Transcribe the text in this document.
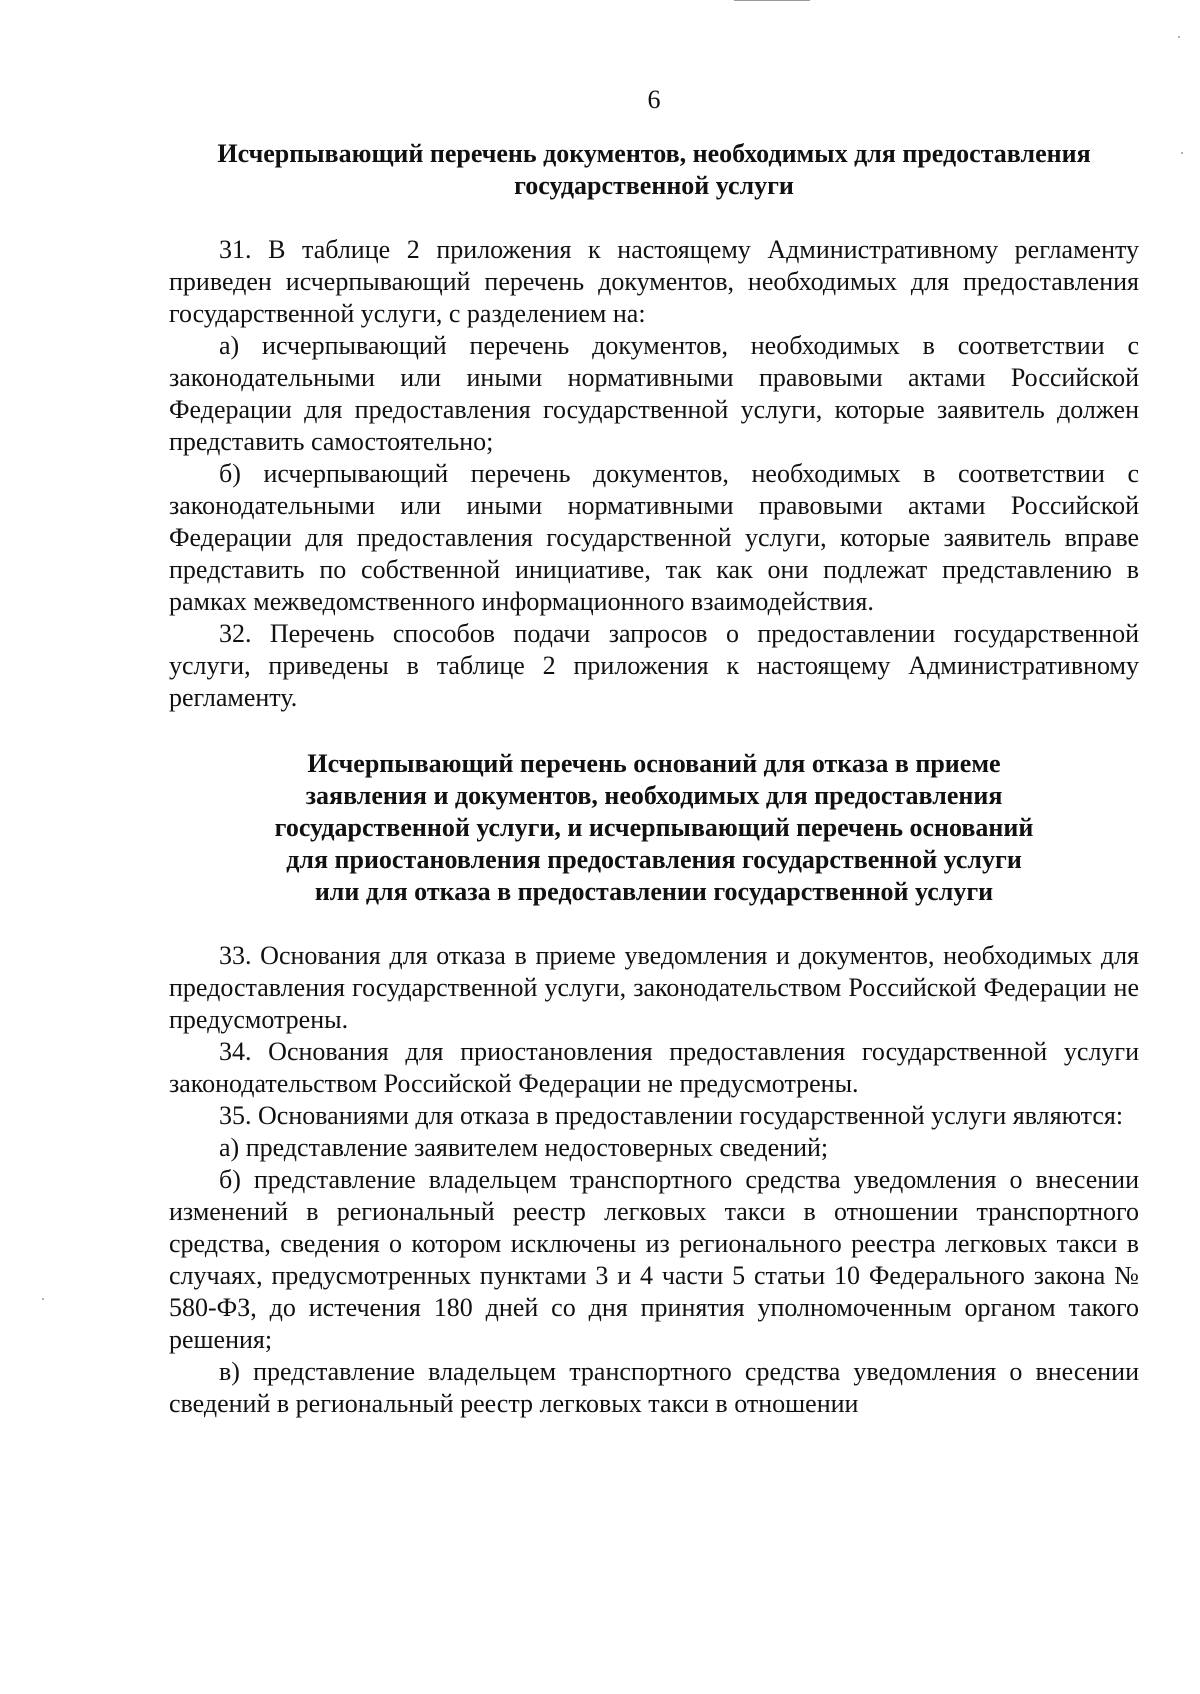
6
Исчерпывающий перечень документов, необходимых для предоставления государственной услуги

31. В таблице 2 приложения к настоящему Административному регламенту приведен исчерпывающий перечень документов, необходимых для предоставления государственной услуги, с разделением на:

а) исчерпывающий перечень документов, необходимых в соответствии с законодательными или иными нормативными правовыми актами Российской Федерации для предоставления государственной услуги, которые заявитель должен представить самостоятельно;

б) исчерпывающий перечень документов, необходимых в соответствии с законодательными или иными нормативными правовыми актами Российской Федерации для предоставления государственной услуги, которые заявитель вправе представить по собственной инициативе, так как они подлежат представлению в рамках межведомственного информационного взаимодействия.

32. Перечень способов подачи запросов о предоставлении государственной услуги, приведены в таблице 2 приложения к настоящему Административному регламенту.

Исчерпывающий перечень оснований для отказа в приеме заявления и документов, необходимых для предоставления государственной услуги, и исчерпывающий перечень оснований для приостановления предоставления государственной услуги или для отказа в предоставлении государственной услуги

33. Основания для отказа в приеме уведомления и документов, необходимых для предоставления государственной услуги, законодательством Российской Федерации не предусмотрены.

34. Основания для приостановления предоставления государственной услуги законодательством Российской Федерации не предусмотрены.

35. Основаниями для отказа в предоставлении государственной услуги являются:

а) представление заявителем недостоверных сведений;

б) представление владельцем транспортного средства уведомления о внесении изменений в региональный реестр легковых такси в отношении транспортного средства, сведения о котором исключены из регионального реестра легковых такси в случаях, предусмотренных пунктами 3 и 4 части 5 статьи 10 Федерального закона № 580-ФЗ, до истечения 180 дней со дня принятия уполномоченным органом такого решения;

в) представление владельцем транспортного средства уведомления о внесении сведений в региональный реестр легковых такси в отношении
